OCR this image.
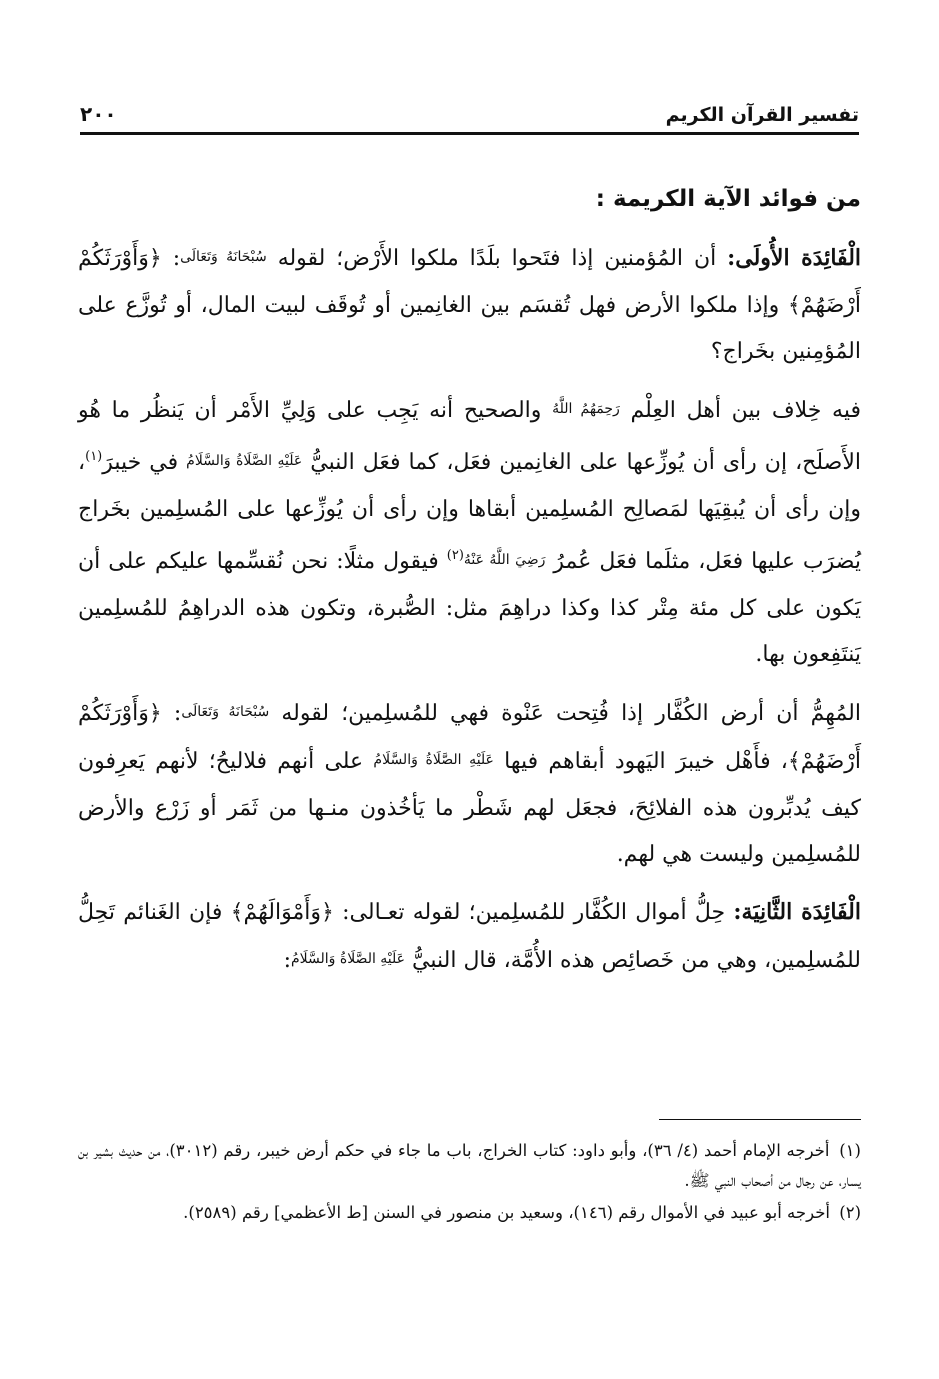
تفسير القرآن الكريم
٢٠٠
من فوائد الآية الكريمة :

الْفَائِدَة الأُولَى: أن المُؤمنين إذا فتَحوا بلَدًا ملكوا الأَرْض؛ لقوله سُبْحَانَهُ وَتَعَالَى: ﴿وَأَوْرَثَكُمْ أَرْضَهُمْ﴾ وإذا ملكوا الأرض فهل تُقسَم بين الغانِمين أو تُوقَف لبيت المال، أو تُوزَّع على المُؤمِنين بخَراج؟

فيه خِلاف بين أهل العِلْم رَحِمَهُمُ اللَّهُ والصحيح أنه يَجِب على وَلِيِّ الأَمْر أن يَنظُر ما هُو الأَصلَح، إن رأى أن يُوزِّعها على الغانِمين فعَل، كما فعَل النبيُّ عَلَيْهِ الصَّلَاةُ وَالسَّلَامُ في خيبرَ$^{(١)}$، وإن رأى أن يُبقِيَها لمَصالِح المُسلِمين أبقاها وإن رأى أن يُوزِّعها على المُسلِمين بخَراج يُضرَب عليها فعَل، مثلَما فعَل عُمرُ رَضِيَ اللَّهُ عَنْهُ$^{(٢)}$ فيقول مثلًا: نحن نُقسِّمها عليكم على أن يَكون على كل مئة مِتْر كذا وكذا دراهِمَ مثل: الصُّبرة، وتكون هذه الدراهِمُ للمُسلِمين يَنتَفِعون بها.

المُهِمُّ أن أرض الكُفَّار إذا فُتِحت عَنْوة فهي للمُسلِمين؛ لقوله سُبْحَانَهُ وَتَعَالَى: ﴿وَأَوْرَثَكُمْ أَرْضَهُمْ﴾، فأَهْل خيبرَ اليَهود أبقاهم فيها عَلَيْهِ الصَّلَاةُ وَالسَّلَامُ على أنهم فلاليحُ؛ لأنهم يَعرِفون كيف يُدبِّرون هذه الفلائِحَ، فجعَل لهم شَطْر ما يَأخُذون منـها من ثَمَر أو زَرْع والأرض للمُسلِمين وليست هي لهم.

الْفَائِدَة الثَّانِيَة: حِلُّ أموال الكُفَّار للمُسلِمين؛ لقوله تعـالى: ﴿وَأَمْوَالَهُمْ﴾ فإن الغَنائم تَحِلُّ للمُسلِمين، وهي من خَصائِص هذه الأُمَّة، قال النبيُّ عَلَيْهِ الصَّلَاةُ وَالسَّلَامُ:

(١) أخرجه الإمام أحمد (٤/ ٣٦)، وأبو داود: كتاب الخراج، باب ما جاء في حكم أرض خيبر، رقم (٣٠١٢)، من حديث بشير بن يسار، عن رجال من أصحاب النبي ﷺ.

(٢) أخرجه أبو عبيد في الأموال رقم (١٤٦)، وسعيد بن منصور في السنن [ط الأعظمي] رقم (٢٥٨٩).
